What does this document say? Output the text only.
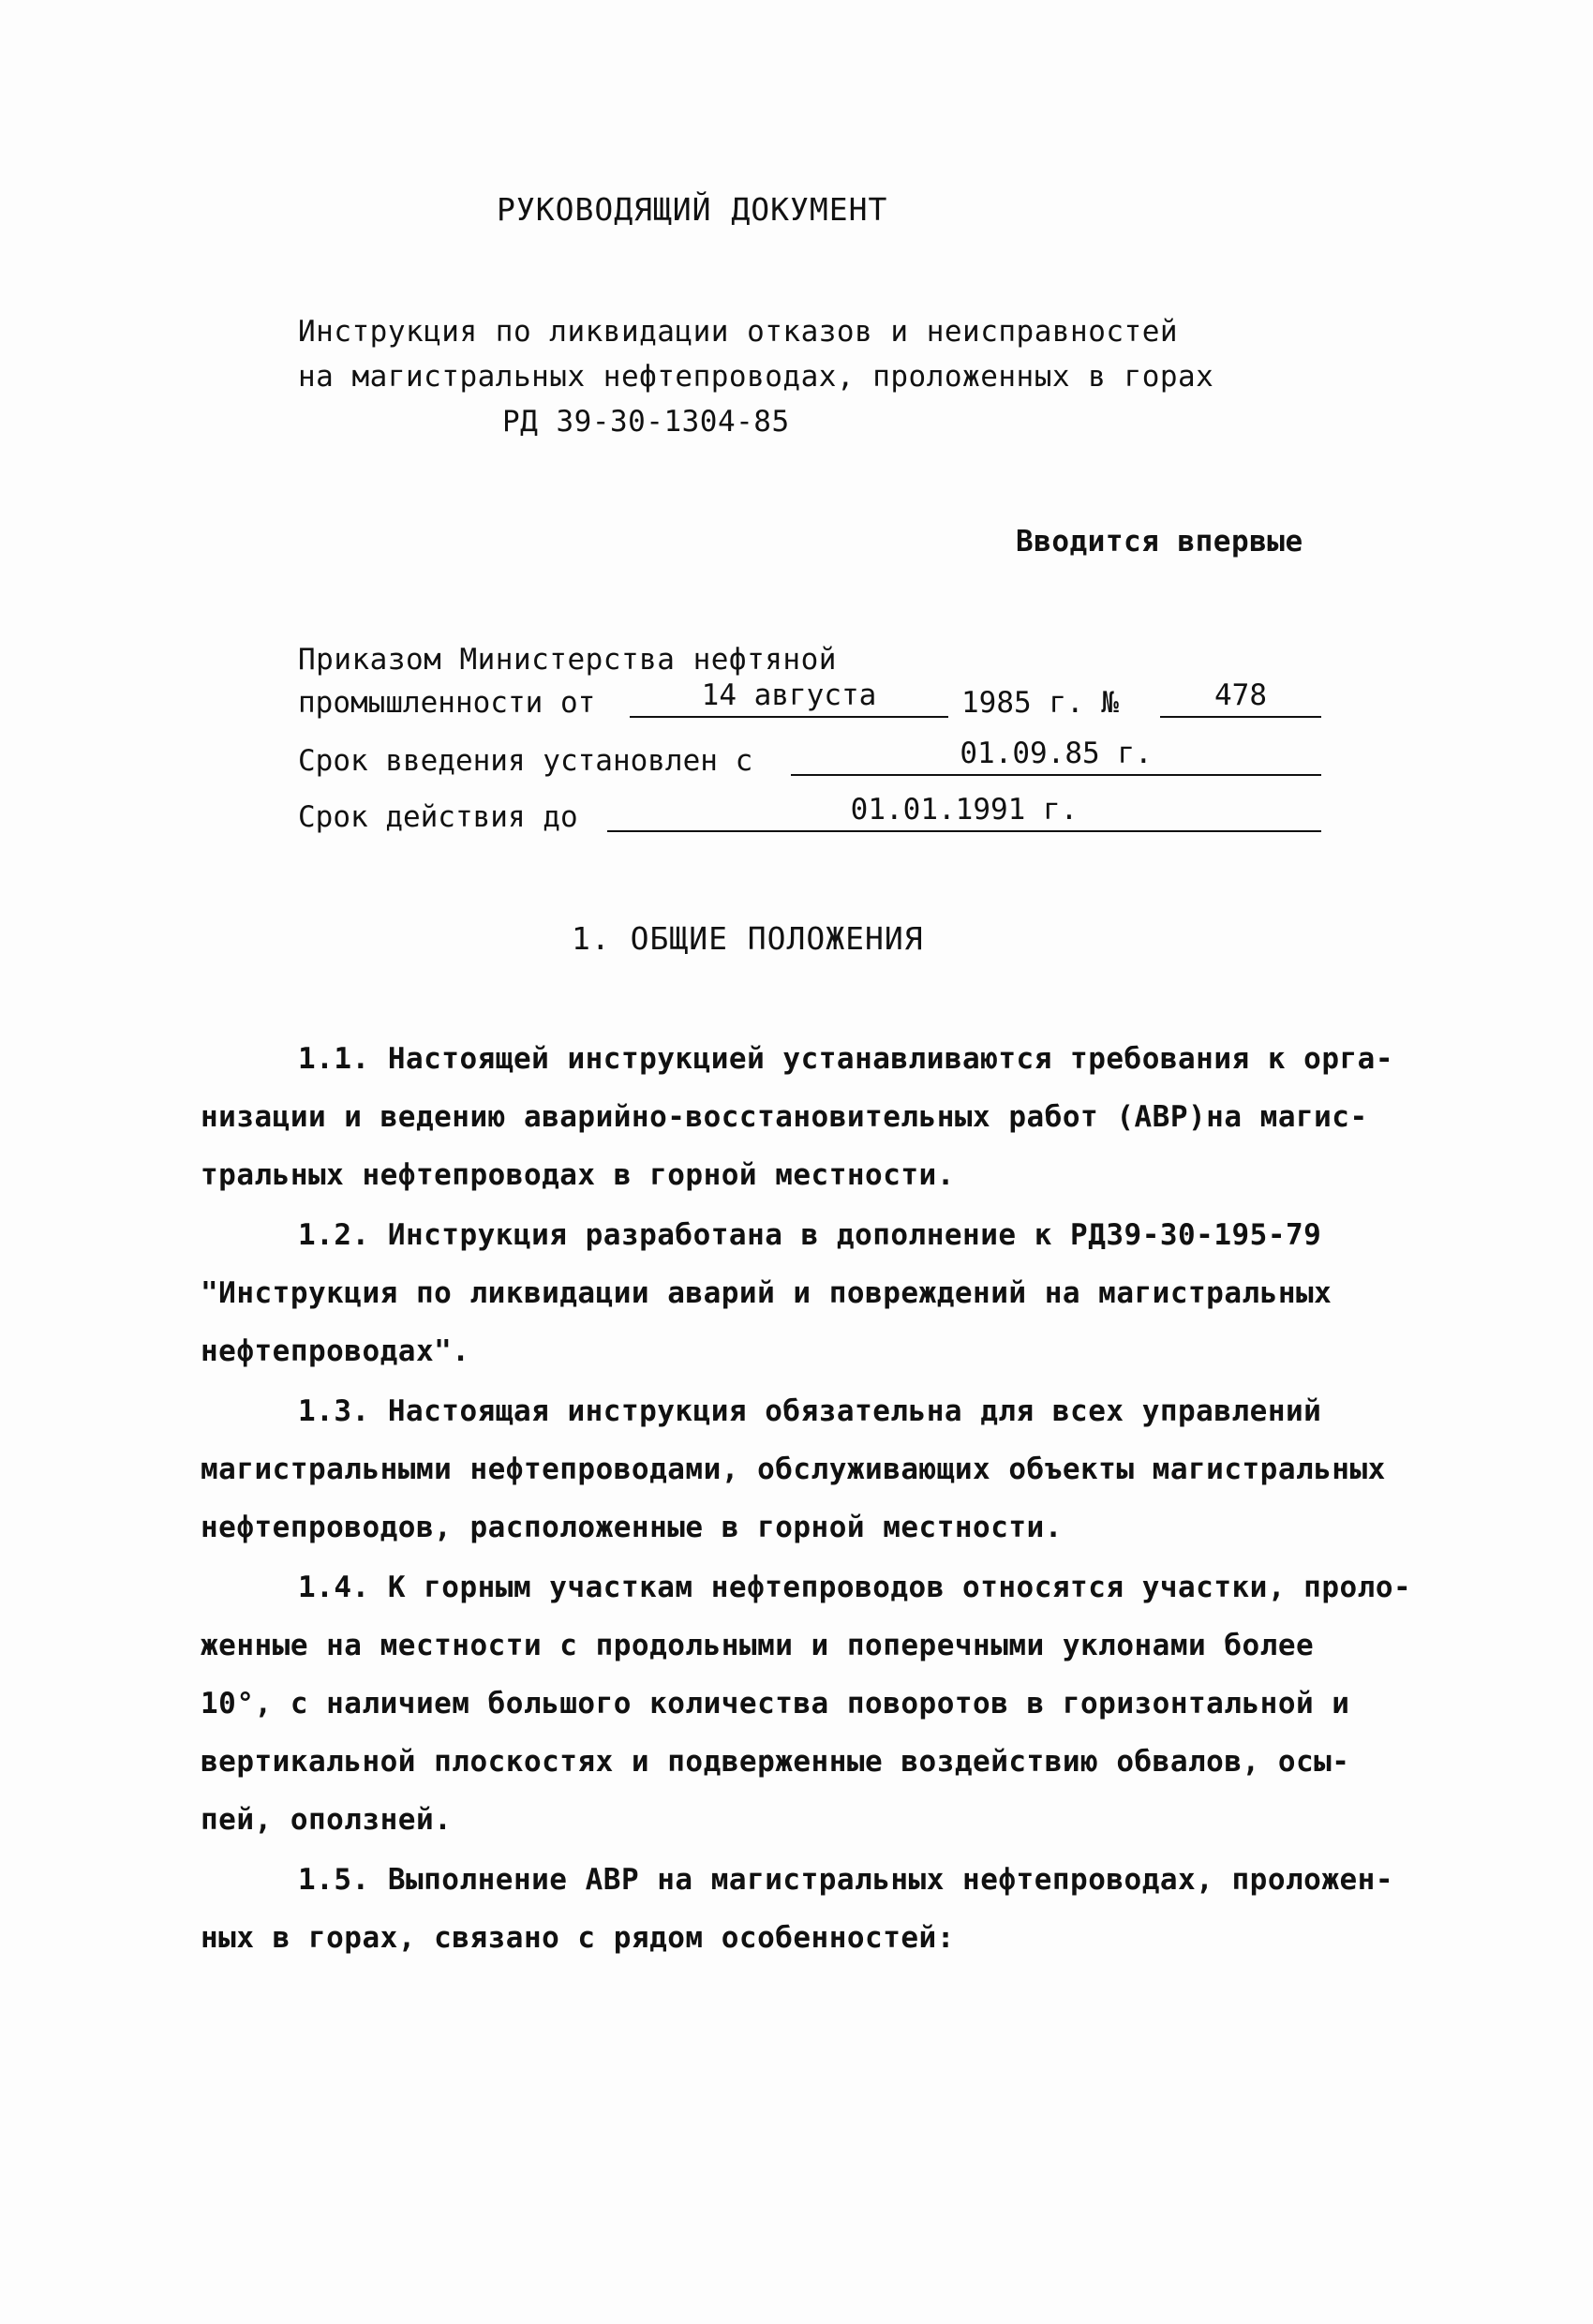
РУКОВОДЯЩИЙ ДОКУМЕНТ
Инструкция по ликвидации отказов и неисправностей
на магистральных нефтепроводах, проложенных в горах
РД 39-30-1304-85
Вводится впервые
Приказом Министерства нефтяной
промышленности от	14 августа	1985 г. №	478
Срок введения установлен с	01.09.85 г.
Срок действия до	01.01.1991 г.
1. ОБЩИЕ ПОЛОЖЕНИЯ
1.1. Настоящей инструкцией устанавливаются требования к орга-
низации и ведению аварийно-восстановительных работ (АВР)на магис-
тральных нефтепроводах в горной местности.
1.2. Инструкция разработана в дополнение к РД39-30-195-79
"Инструкция по ликвидации аварий и повреждений на магистральных
нефтепроводах".
1.3. Настоящая инструкция обязательна для всех управлений
магистральными нефтепроводами, обслуживающих объекты магистральных
нефтепроводов, расположенные в горной местности.
1.4. К горным участкам нефтепроводов относятся участки, проло-
женные на местности с продольными и поперечными уклонами более
10°, с наличием большого количества поворотов в горизонтальной и
вертикальной плоскостях и подверженные воздействию обвалов, осы-
пей, оползней.
1.5. Выполнение АВР на магистральных нефтепроводах, проложен-
ных в горах, связано с рядом особенностей:
